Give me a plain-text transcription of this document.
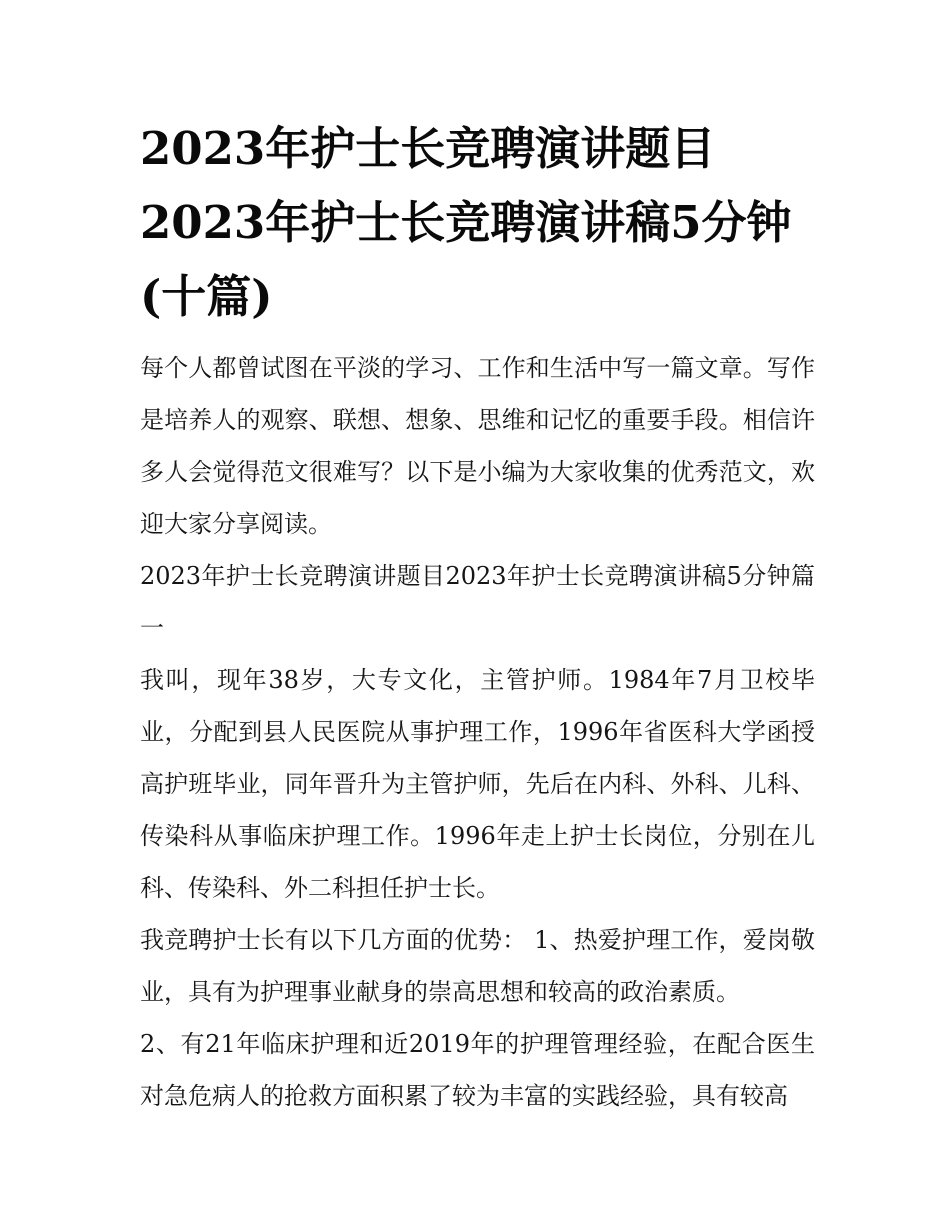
2023年护士长竞聘演讲题目2023年护士长竞聘演讲稿5分钟(十篇)

每个人都曾试图在平淡的学习、工作和生活中写一篇文章。写作是培养人的观察、联想、想象、思维和记忆的重要手段。相信许多人会觉得范文很难写？以下是小编为大家收集的优秀范文，欢迎大家分享阅读。

2023年护士长竞聘演讲题目2023年护士长竞聘演讲稿5分钟篇一

我叫，现年38岁，大专文化，主管护师。1984年7月卫校毕业，分配到县人民医院从事护理工作，1996年省医科大学函授高护班毕业，同年晋升为主管护师，先后在内科、外科、儿科、传染科从事临床护理工作。1996年走上护士长岗位，分别在儿科、传染科、外二科担任护士长。

我竞聘护士长有以下几方面的优势： 1、热爱护理工作，爱岗敬业，具有为护理事业献身的崇高思想和较高的政治素质。

2、有21年临床护理和近2019年的护理管理经验，在配合医生对急危病人的抢救方面积累了较为丰富的实践经验，具有较高
